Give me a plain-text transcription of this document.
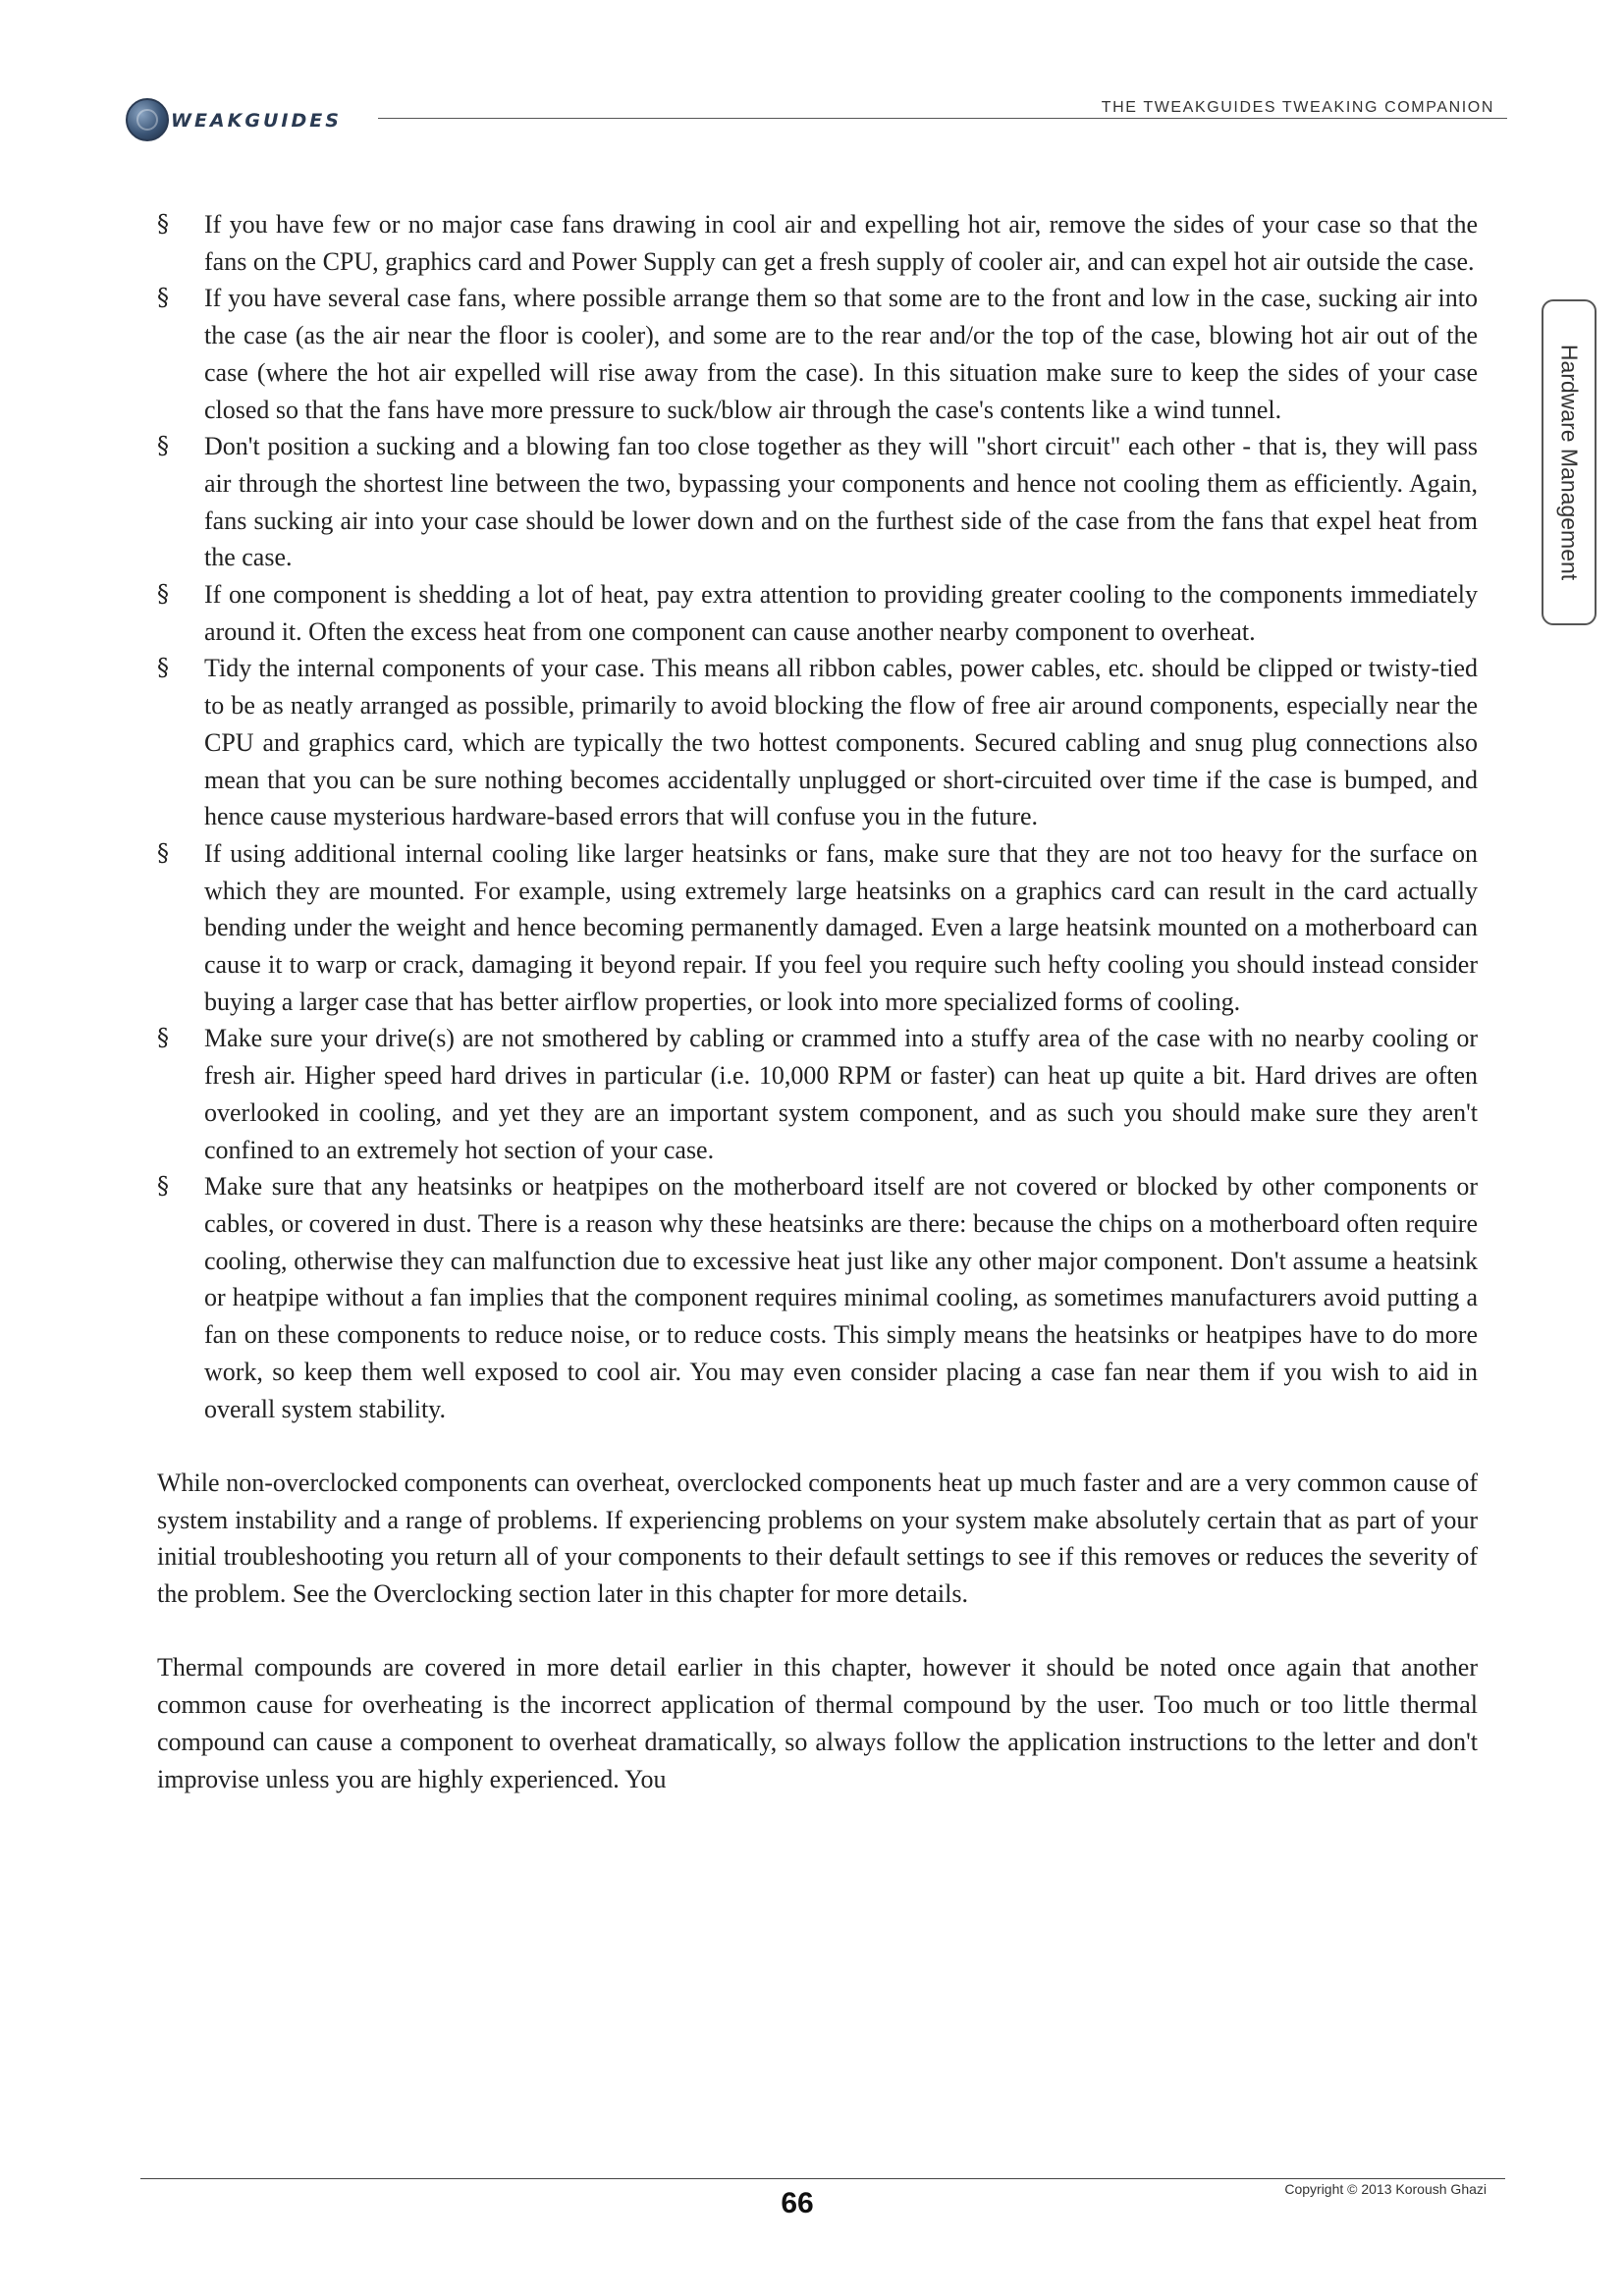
WEAKGUIDES
THE TWEAKGUIDES TWEAKING COMPANION
Hardware Management
§ If you have few or no major case fans drawing in cool air and expelling hot air, remove the sides of your case so that the fans on the CPU, graphics card and Power Supply can get a fresh supply of cooler air, and can expel hot air outside the case.

§ If you have several case fans, where possible arrange them so that some are to the front and low in the case, sucking air into the case (as the air near the floor is cooler), and some are to the rear and/or the top of the case, blowing hot air out of the case (where the hot air expelled will rise away from the case). In this situation make sure to keep the sides of your case closed so that the fans have more pressure to suck/blow air through the case's contents like a wind tunnel.

§ Don't position a sucking and a blowing fan too close together as they will "short circuit" each other - that is, they will pass air through the shortest line between the two, bypassing your components and hence not cooling them as efficiently. Again, fans sucking air into your case should be lower down and on the furthest side of the case from the fans that expel heat from the case.

§ If one component is shedding a lot of heat, pay extra attention to providing greater cooling to the components immediately around it. Often the excess heat from one component can cause another nearby component to overheat.

§ Tidy the internal components of your case. This means all ribbon cables, power cables, etc. should be clipped or twisty-tied to be as neatly arranged as possible, primarily to avoid blocking the flow of free air around components, especially near the CPU and graphics card, which are typically the two hottest components. Secured cabling and snug plug connections also mean that you can be sure nothing becomes accidentally unplugged or short-circuited over time if the case is bumped, and hence cause mysterious hardware-based errors that will confuse you in the future.

§ If using additional internal cooling like larger heatsinks or fans, make sure that they are not too heavy for the surface on which they are mounted. For example, using extremely large heatsinks on a graphics card can result in the card actually bending under the weight and hence becoming permanently damaged. Even a large heatsink mounted on a motherboard can cause it to warp or crack, damaging it beyond repair. If you feel you require such hefty cooling you should instead consider buying a larger case that has better airflow properties, or look into more specialized forms of cooling.

§ Make sure your drive(s) are not smothered by cabling or crammed into a stuffy area of the case with no nearby cooling or fresh air. Higher speed hard drives in particular (i.e. 10,000 RPM or faster) can heat up quite a bit. Hard drives are often overlooked in cooling, and yet they are an important system component, and as such you should make sure they aren't confined to an extremely hot section of your case.

§ Make sure that any heatsinks or heatpipes on the motherboard itself are not covered or blocked by other components or cables, or covered in dust. There is a reason why these heatsinks are there: because the chips on a motherboard often require cooling, otherwise they can malfunction due to excessive heat just like any other major component. Don't assume a heatsink or heatpipe without a fan implies that the component requires minimal cooling, as sometimes manufacturers avoid putting a fan on these components to reduce noise, or to reduce costs. This simply means the heatsinks or heatpipes have to do more work, so keep them well exposed to cool air. You may even consider placing a case fan near them if you wish to aid in overall system stability.

While non-overclocked components can overheat, overclocked components heat up much faster and are a very common cause of system instability and a range of problems. If experiencing problems on your system make absolutely certain that as part of your initial troubleshooting you return all of your components to their default settings to see if this removes or reduces the severity of the problem. See the Overclocking section later in this chapter for more details.

Thermal compounds are covered in more detail earlier in this chapter, however it should be noted once again that another common cause for overheating is the incorrect application of thermal compound by the user. Too much or too little thermal compound can cause a component to overheat dramatically, so always follow the application instructions to the letter and don't improvise unless you are highly experienced. You

66	Copyright © 2013 Koroush Ghazi
